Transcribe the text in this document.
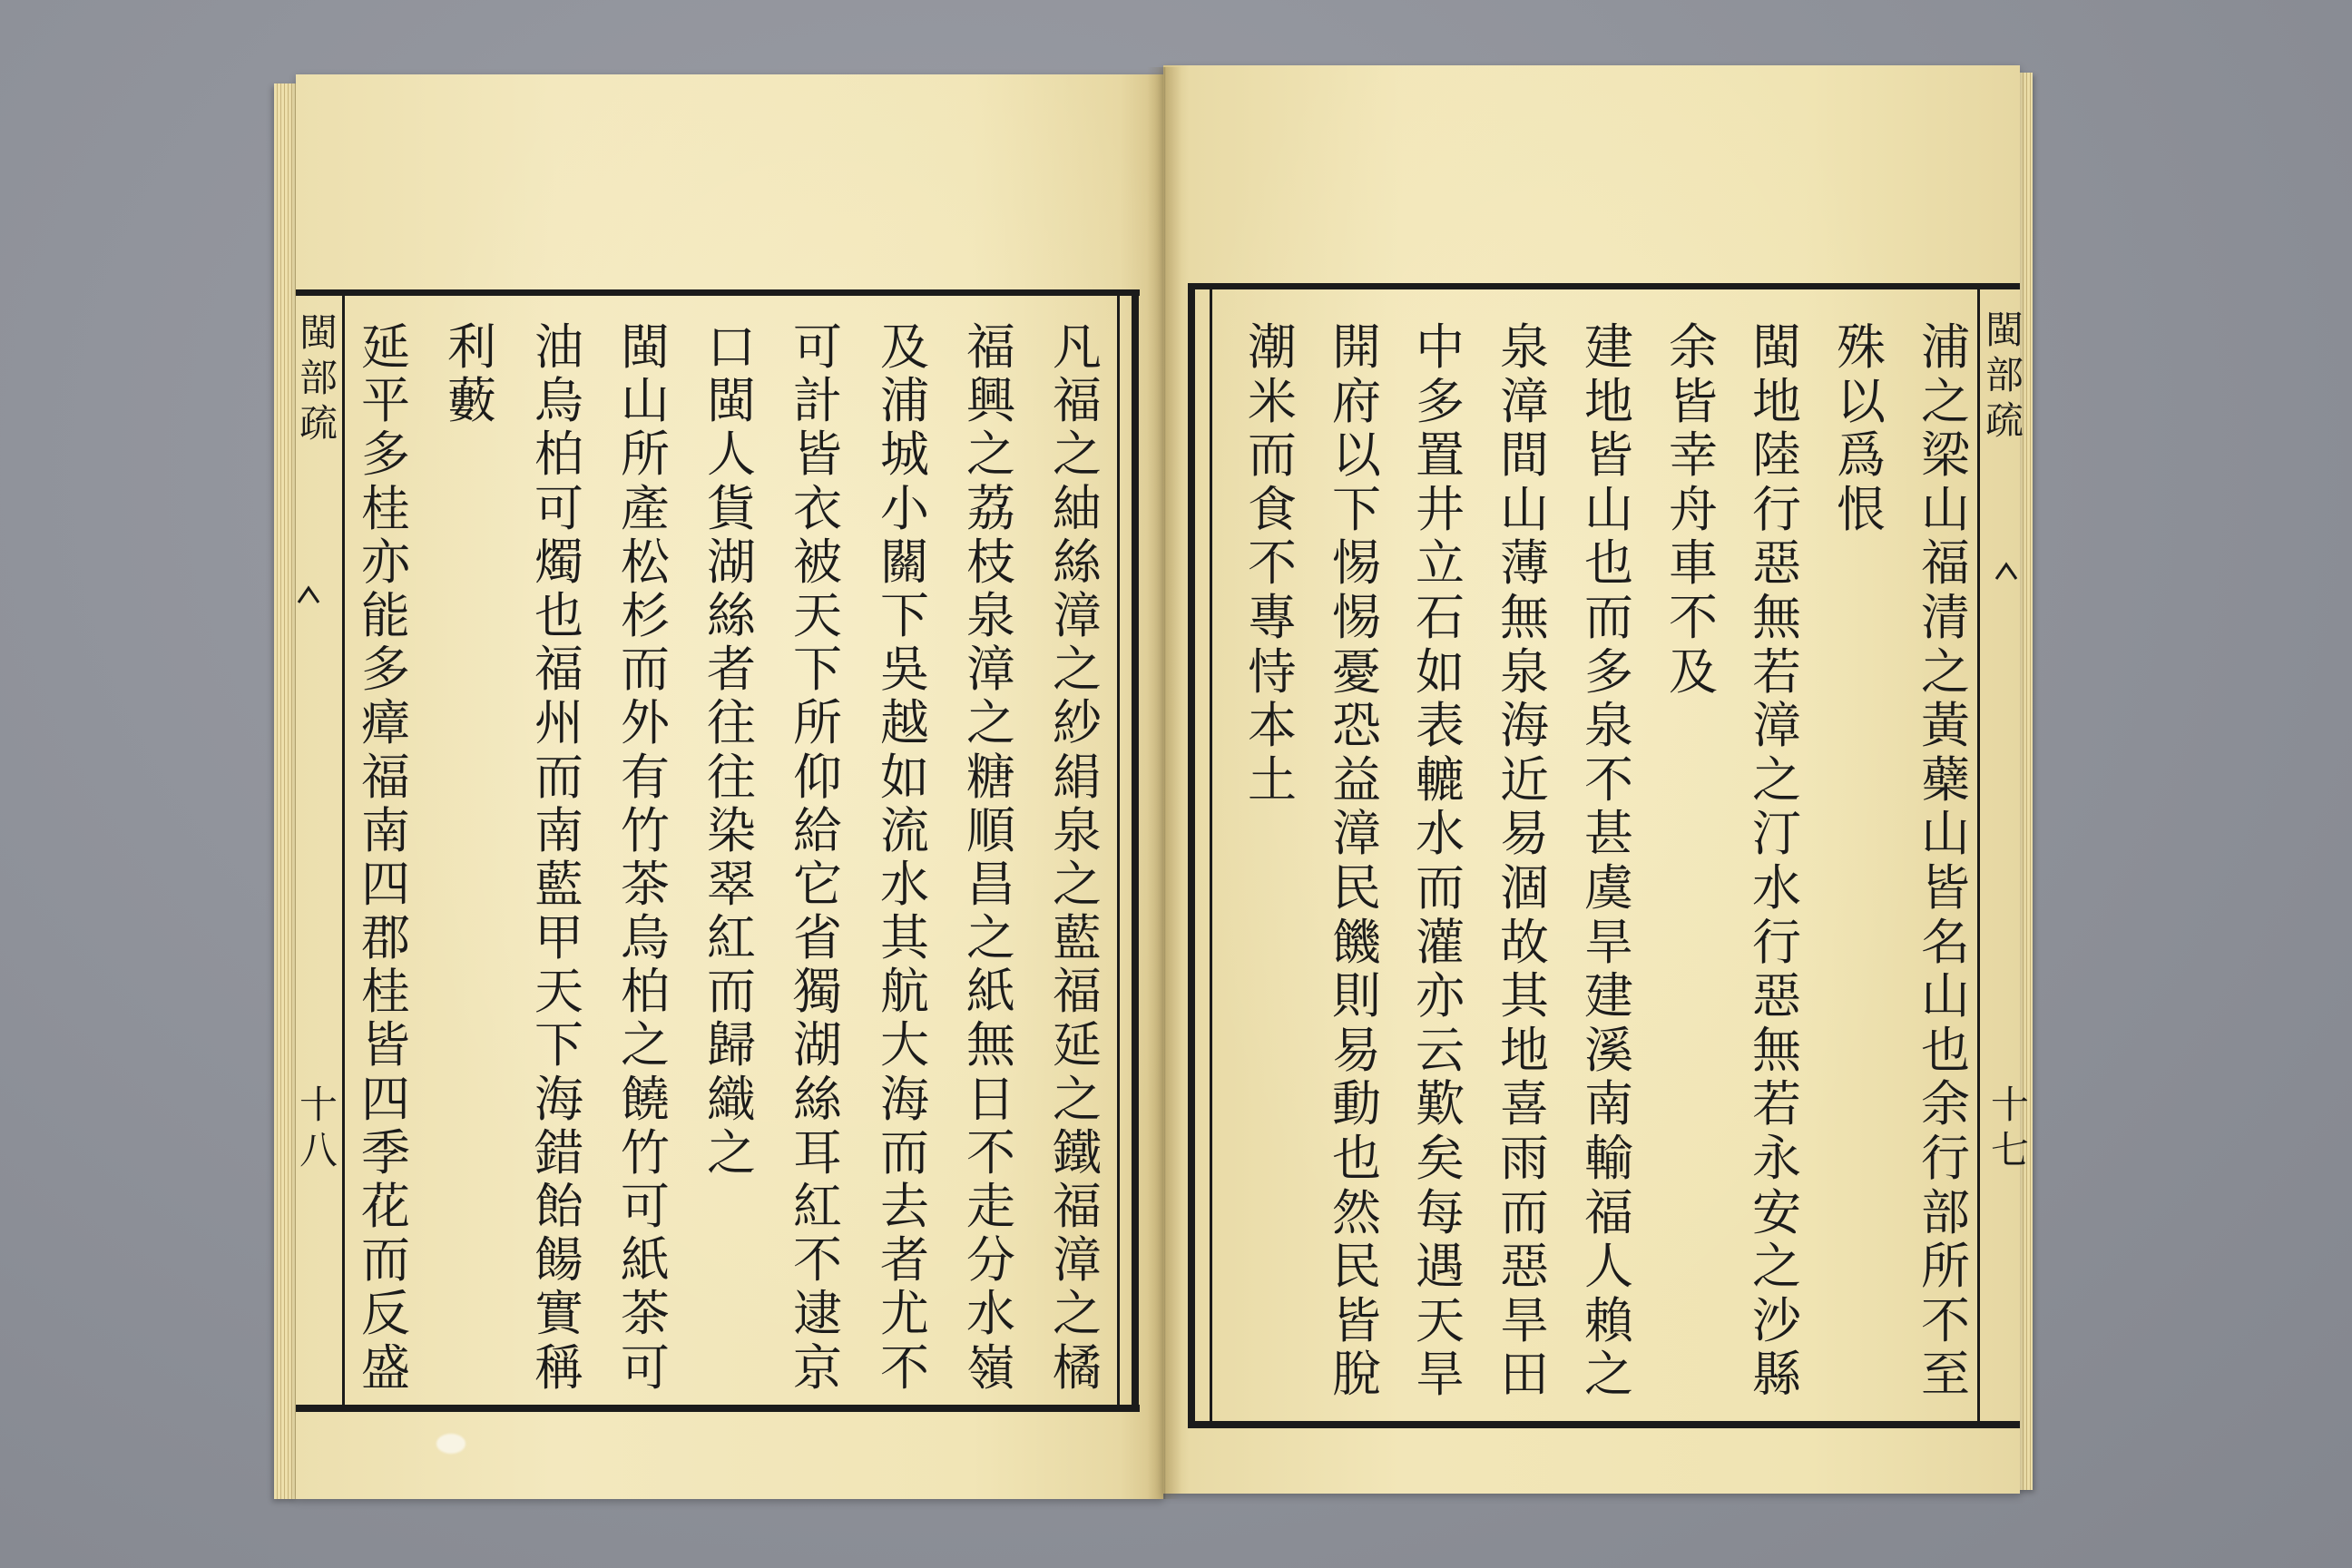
閩
部
疏
十
八
凡
福
之
紬
絲
漳
之
紗
絹
泉
之
藍
福
延
之
鐵
福
漳
之
橘
福
興
之
荔
枝
泉
漳
之
糖
順
昌
之
紙
無
日
不
走
分
水
嶺
及
浦
城
小
關
下
吳
越
如
流
水
其
航
大
海
而
去
者
尤
不
可
計
皆
衣
被
天
下
所
仰
給
它
省
獨
湖
絲
耳
紅
不
逮
京
口
閩
人
貨
湖
絲
者
往
往
染
翠
紅
而
歸
織
之
閩
山
所
產
松
杉
而
外
有
竹
茶
烏
柏
之
饒
竹
可
紙
茶
可
油
烏
柏
可
燭
也
福
州
而
南
藍
甲
天
下
海
錯
飴
餳
實
稱
利
藪
延
平
多
桂
亦
能
多
瘴
福
南
四
郡
桂
皆
四
季
花
而
反
盛
閩
部
疏
十
七
浦
之
梁
山
福
清
之
黃
蘗
山
皆
名
山
也
余
行
部
所
不
至
殊
以
爲
恨
閩
地
陸
行
惡
無
若
漳
之
汀
水
行
惡
無
若
永
安
之
沙
縣
余
皆
幸
舟
車
不
及
建
地
皆
山
也
而
多
泉
不
甚
虞
旱
建
溪
南
輸
福
人
賴
之
泉
漳
間
山
薄
無
泉
海
近
易
涸
故
其
地
喜
雨
而
惡
旱
田
中
多
置
井
立
石
如
表
轆
水
而
灌
亦
云
歎
矣
每
遇
天
旱
開
府
以
下
惕
惕
憂
恐
益
漳
民
饑
則
易
動
也
然
民
皆
脫
潮
米
而
食
不
專
恃
本
土
